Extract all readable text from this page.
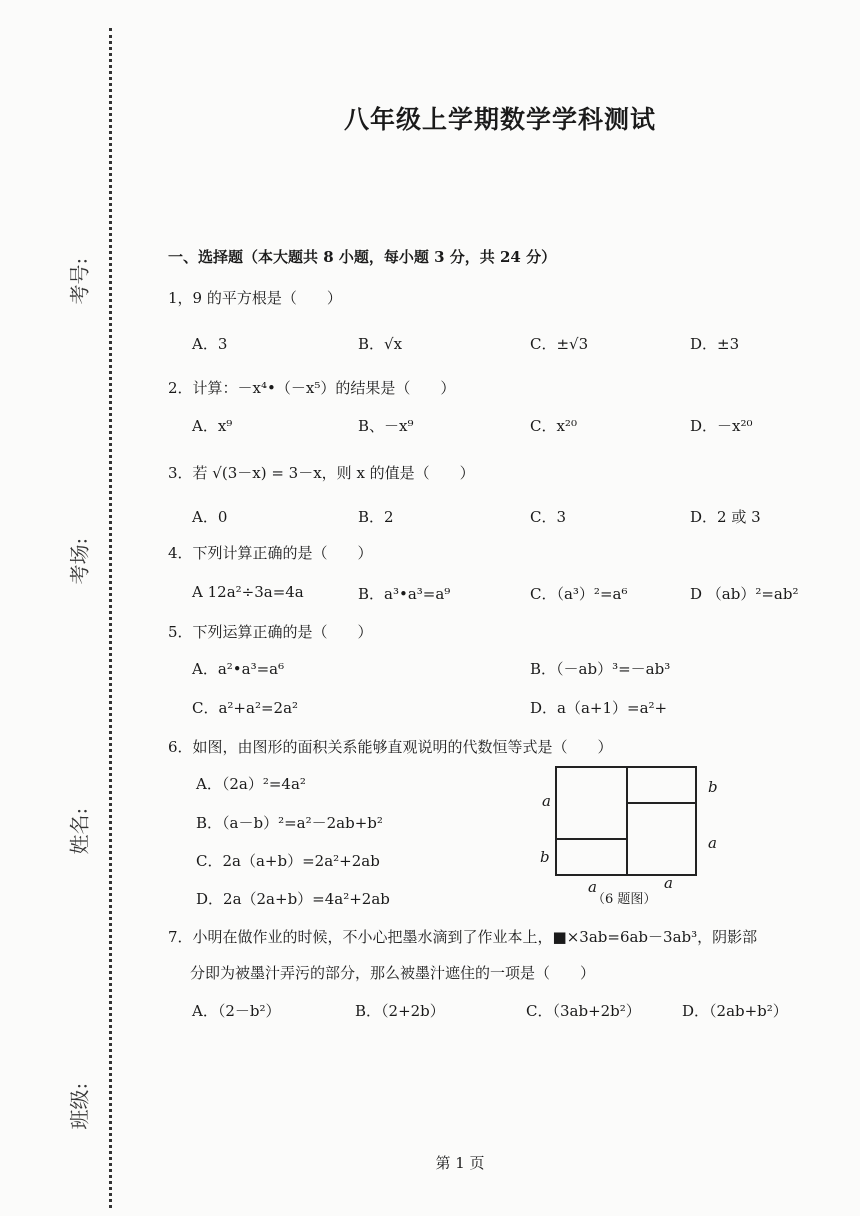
考号:
考场:
姓名:
班级:
八年级上学期数学学科测试
一、选择题（本大题共 8 小题，每小题 3 分，共 24 分）
1，9 的平方根是（　　）
A．3	B．√x	C．±√3	D．±3
2．计算：－x⁴•（－x⁵）的结果是（　　）
A．x⁹	B、－x⁹	C．x²⁰	D．－x²⁰
3．若 √(3－x) = 3－x，则 x 的值是（　　）
A．0	B．2	C．3	D．2 或 3
4．下列计算正确的是（　　）
A 12a²÷3a=4a	B．a³•a³=a⁹	C．（a³）²=a⁶	D （ab）²=ab²
5．下列运算正确的是（　　）
A．a²•a³=a⁶	B．（－ab）³=－ab³
C．a²+a²=2a²	D．a（a+1）=a²+
6．如图，由图形的面积关系能够直观说明的代数恒等式是（　　）
A．（2a）²=4a²
B．（a－b）²=a²－2ab+b²
C．2a（a+b）=2a²+2ab
D．2a（2a+b）=4a²+2ab
a
b
b
a
a	a
（6 题图）
7．小明在做作业的时候，不小心把墨水滴到了作业本上，■×3ab=6ab－3ab³，阴影部
分即为被墨汁弄污的部分，那么被墨汁遮住的一项是（　　）
A．（2－b²）	B．（2+2b）	C．（3ab+2b²）	D．（2ab+b²）
第 1 页
